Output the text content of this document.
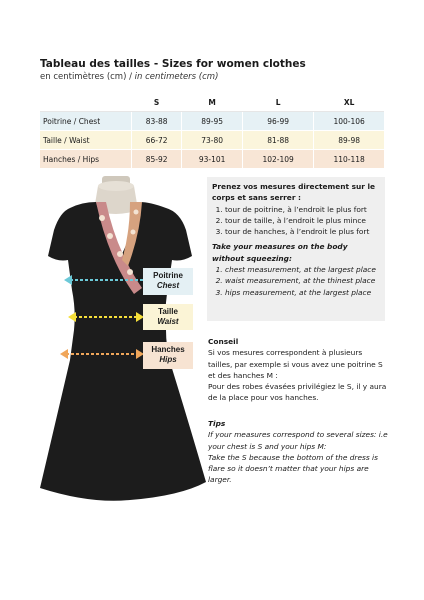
Tableau des tailles - Sizes for women clothes
en centimètres (cm) / in centimeters (cm)
	S	M	L	XL
Poitrine / Chest	83-88	89-95	96-99	100-106
Taille / Waist	66-72	73-80	81-88	89-98
Hanches / Hips	85-92	93-101	102-109	110-118
Poitrine
Chest
Taille
Waist
Hanches
Hips
Prenez vos mesures directement sur le corps et sans serrer :
1. tour de poitrine, à l’endroit le plus fort
2. tour de taille, à l’endroit le plus mince
3. tour de hanches, à l’endroit le plus fort
Take your measures on the body without squeezing:
1. chest measurement, at the largest place
2. waist measurement, at the thinest place
3. hips measurement, at the largest place
Conseil

Si vos mesures correspondent à plusieurs tailles, par exemple si vous avez une poitrine S et des hanches M :

Pour des robes évasées privilégiez le S, il y aura de la place pour vos hanches.

Tips

If your measures correspond to several sizes: i.e your chest is S and your hips M:

Take the S because the bottom of the dress is flare so it doesn’t matter that your hips are larger.
